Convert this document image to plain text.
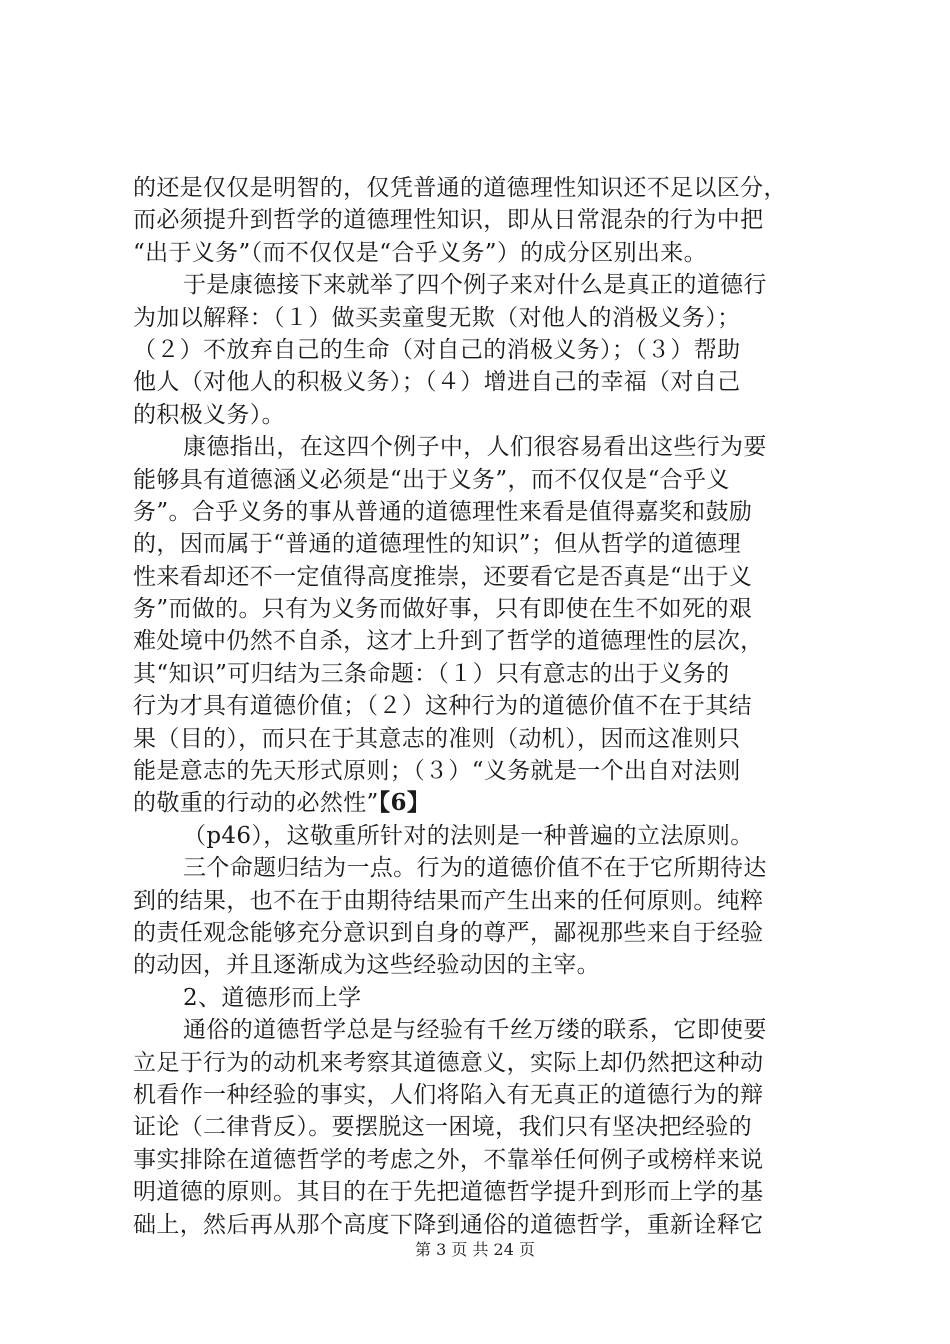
的还是仅仅是明智的，仅凭普通的道德理性知识还不足以区分，
而必须提升到哲学的道德理性知识，即从日常混杂的行为中把
“出于义务”（而不仅仅是“合乎义务”）的成分区别出来。
于是康德接下来就举了四个例子来对什么是真正的道德行
为加以解释：（１）做买卖童叟无欺（对他人的消极义务）；
（２）不放弃自己的生命（对自己的消极义务）；（３）帮助
他人（对他人的积极义务）；（４）增进自己的幸福（对自己
的积极义务）。
康德指出，在这四个例子中，人们很容易看出这些行为要
能够具有道德涵义必须是“出于义务”，而不仅仅是“合乎义
务”。合乎义务的事从普通的道德理性来看是值得嘉奖和鼓励
的，因而属于“普通的道德理性的知识”；但从哲学的道德理
性来看却还不一定值得高度推崇，还要看它是否真是“出于义
务”而做的。只有为义务而做好事，只有即使在生不如死的艰
难处境中仍然不自杀，这才上升到了哲学的道德理性的层次，
其“知识”可归结为三条命题：（１）只有意志的出于义务的
行为才具有道德价值；（２）这种行为的道德价值不在于其结
果（目的），而只在于其意志的准则（动机），因而这准则只
能是意志的先天形式原则；（３）“义务就是一个出自对法则
的敬重的行动的必然性”【6】
（p46），这敬重所针对的法则是一种普遍的立法原则。
三个命题归结为一点。行为的道德价值不在于它所期待达
到的结果，也不在于由期待结果而产生出来的任何原则。纯粹
的责任观念能够充分意识到自身的尊严，鄙视那些来自于经验
的动因，并且逐渐成为这些经验动因的主宰。
2、道德形而上学
通俗的道德哲学总是与经验有千丝万缕的联系，它即使要
立足于行为的动机来考察其道德意义，实际上却仍然把这种动
机看作一种经验的事实，人们将陷入有无真正的道德行为的辩
证论（二律背反）。要摆脱这一困境，我们只有坚决把经验的
事实排除在道德哲学的考虑之外，不靠举任何例子或榜样来说
明道德的原则。其目的在于先把道德哲学提升到形而上学的基
础上，然后再从那个高度下降到通俗的道德哲学，重新诠释它
第 3 页 共 24 页
